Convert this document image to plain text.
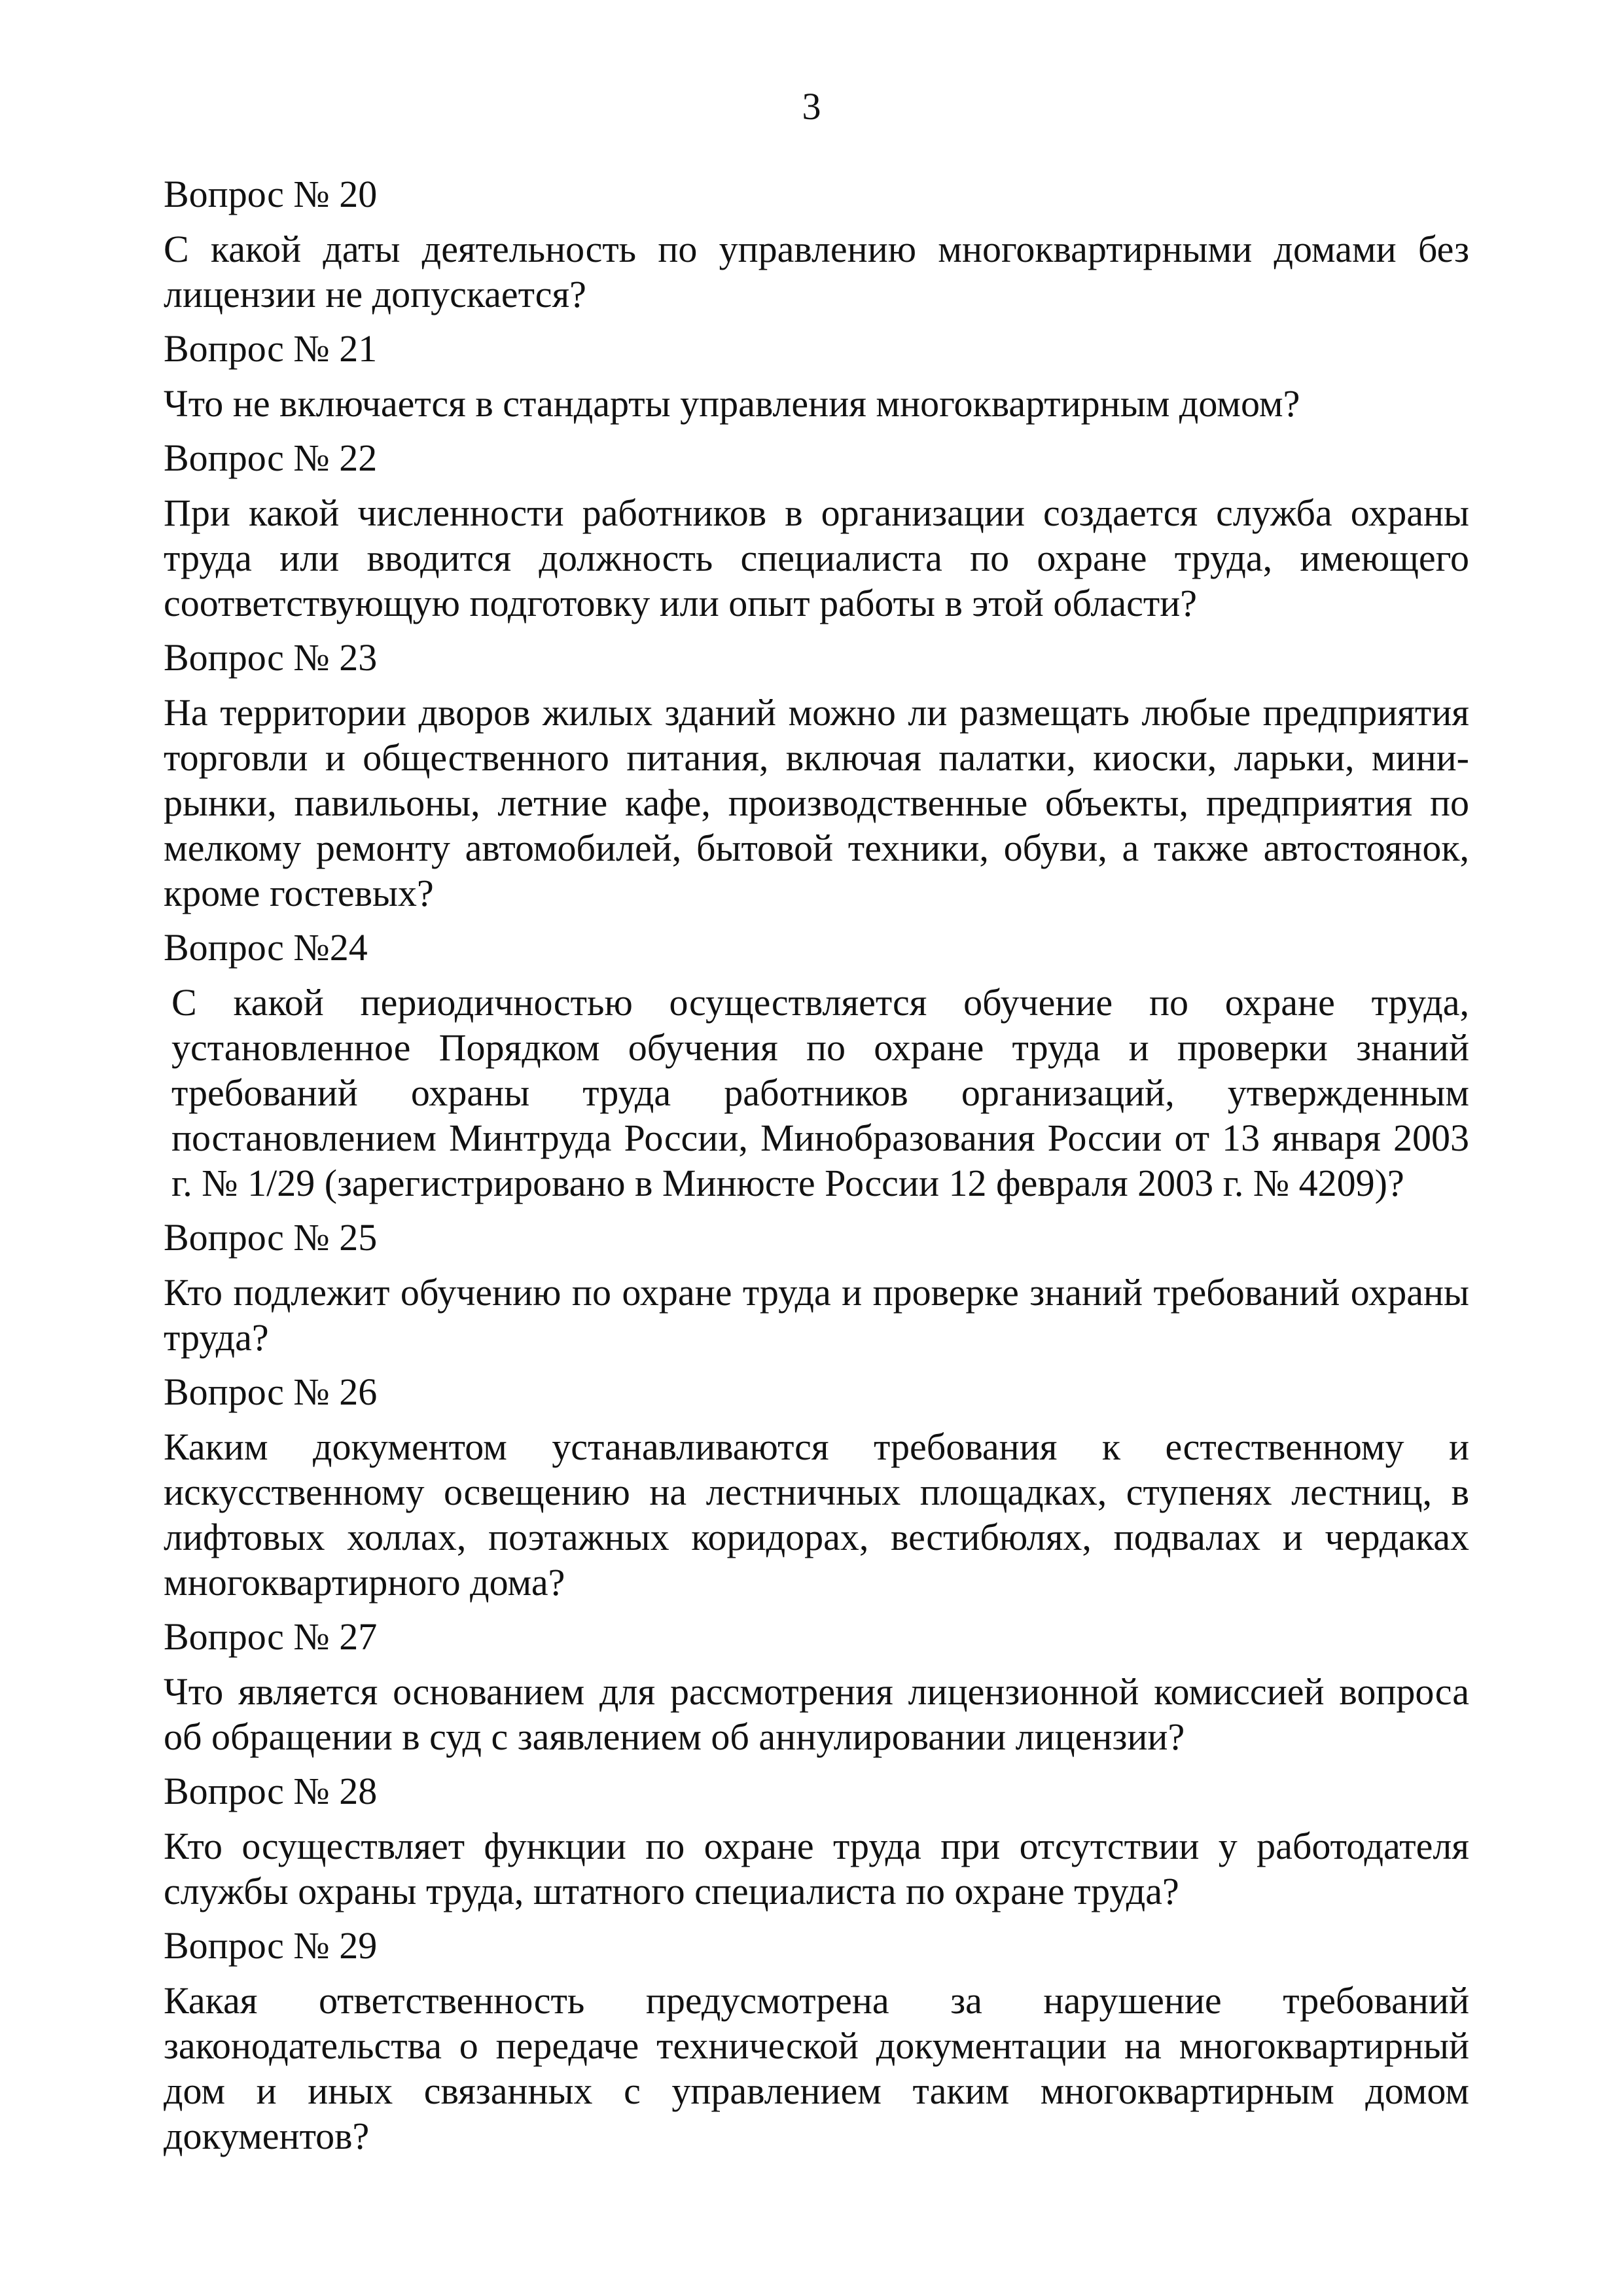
3

Вопрос № 20

С какой даты деятельность по управлению многоквартирными домами без лицензии не допускается?

Вопрос № 21

Что не включается в стандарты управления многоквартирным домом?

Вопрос № 22

При какой численности работников в организации создается служба охраны труда или вводится должность специалиста по охране труда, имеющего соответствующую подготовку или опыт работы в этой области?

Вопрос № 23

На территории дворов жилых зданий можно ли размещать любые предприятия торговли и общественного питания, включая палатки, киоски, ларьки, мини-рынки, павильоны, летние кафе, производственные объекты, предприятия по мелкому ремонту автомобилей, бытовой техники, обуви, а также автостоянок, кроме гостевых?

Вопрос №24

С какой периодичностью осуществляется обучение по охране труда, установленное Порядком обучения по охране труда и проверки знаний требований охраны труда работников организаций, утвержденным постановлением Минтруда России, Минобразования России от 13 января 2003 г. № 1/29 (зарегистрировано в Минюсте России 12 февраля 2003 г. № 4209)?

Вопрос № 25

Кто подлежит обучению по охране труда и проверке знаний требований охраны труда?

Вопрос № 26

Каким документом устанавливаются требования к естественному и искусственному освещению на лестничных площадках, ступенях лестниц, в лифтовых холлах, поэтажных коридорах, вестибюлях, подвалах и чердаках многоквартирного дома?

Вопрос № 27

Что является основанием для рассмотрения лицензионной комиссией вопроса об обращении в суд с заявлением об аннулировании лицензии?

Вопрос № 28

Кто осуществляет функции по охране труда при отсутствии у работодателя службы охраны труда, штатного специалиста по охране труда?

Вопрос № 29

Какая ответственность предусмотрена за нарушение требований законодательства о передаче технической документации на многоквартирный дом и иных связанных с управлением таким многоквартирным домом документов?
